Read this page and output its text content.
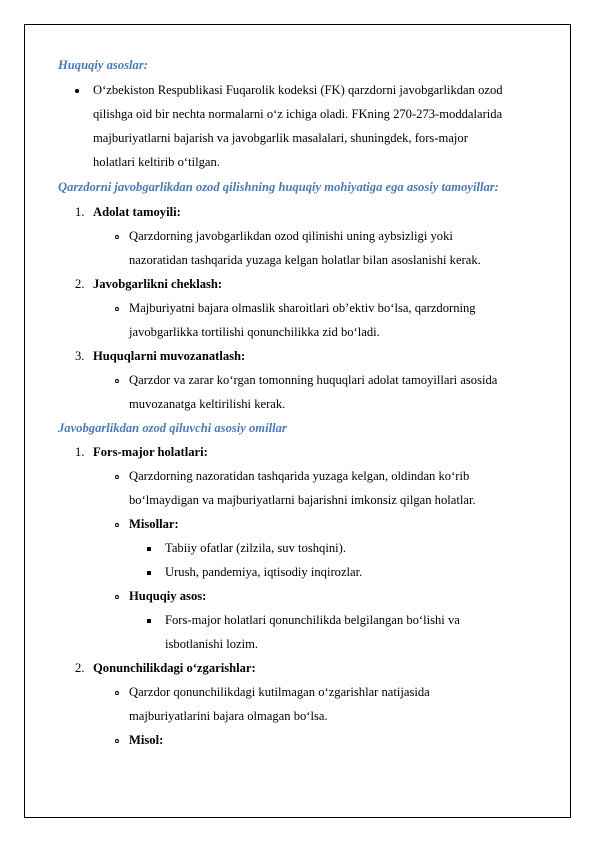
Huquqiy asoslar:
O‘zbekiston Respublikasi Fuqarolik kodeksi (FK) qarzdorni javobgarlikdan ozod
qilishga oid bir nechta normalarni o‘z ichiga oladi. FKning 270-273-moddalarida
majburiyatlarni bajarish va javobgarlik masalalari, shuningdek, fors-major
holatlari keltirib o‘tilgan.
Qarzdorni javobgarlikdan ozod qilishning huquqiy mohiyatiga ega asosiy tamoyillar:
1. Adolat tamoyili:
Qarzdorning javobgarlikdan ozod qilinishi uning aybsizligi yoki
nazoratidan tashqarida yuzaga kelgan holatlar bilan asoslanishi kerak.
2. Javobgarlikni cheklash:
Majburiyatni bajara olmaslik sharoitlari ob’ektiv bo‘lsa, qarzdorning
javobgarlikka tortilishi qonunchilikka zid bo‘ladi.
3. Huquqlarni muvozanatlash:
Qarzdor va zarar ko‘rgan tomonning huquqlari adolat tamoyillari asosida
muvozanatga keltirilishi kerak.
Javobgarlikdan ozod qiluvchi asosiy omillar
1. Fors-major holatlari:
Qarzdorning nazoratidan tashqarida yuzaga kelgan, oldindan ko‘rib
bo‘lmaydigan va majburiyatlarni bajarishni imkonsiz qilgan holatlar.
Misollar:
Tabiiy ofatlar (zilzila, suv toshqini).
Urush, pandemiya, iqtisodiy inqirozlar.
Huquqiy asos:
Fors-major holatlari qonunchilikda belgilangan bo‘lishi va
isbotlanishi lozim.
2. Qonunchilikdagi o‘zgarishlar:
Qarzdor qonunchilikdagi kutilmagan o‘zgarishlar natijasida
majburiyatlarini bajara olmagan bo‘lsa.
Misol:
